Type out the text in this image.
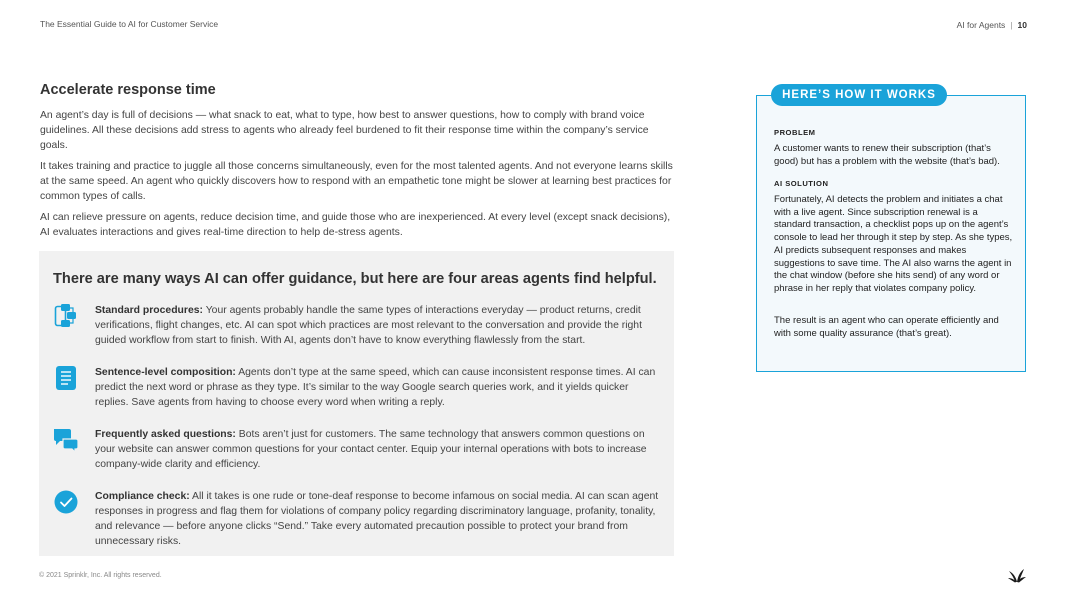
The Essential Guide to AI for Customer Service	AI for Agents | 10
Accelerate response time

An agent’s day is full of decisions — what snack to eat, what to type, how best to answer questions, how to comply with brand voice guidelines. All these decisions add stress to agents who already feel burdened to fit their response time within the company’s service goals.

It takes training and practice to juggle all those concerns simultaneously, even for the most talented agents. And not everyone learns skills at the same speed. An agent who quickly discovers how to respond with an empathetic tone might be slower at learning best practices for common types of calls.

AI can relieve pressure on agents, reduce decision time, and guide those who are inexperienced. At every level (except snack decisions), AI evaluates interactions and gives real-time direction to help de-stress agents.

There are many ways AI can offer guidance, but here are four areas agents find helpful.
Standard procedures: Your agents probably handle the same types of interactions everyday — product returns, credit verifications, flight changes, etc. AI can spot which practices are most relevant to the conversation and provide the right guided workflow from start to finish. With AI, agents don’t have to know everything flawlessly from the start.
Sentence-level composition: Agents don’t type at the same speed, which can cause inconsistent response times. AI can predict the next word or phrase as they type. It’s similar to the way Google search queries work, and it yields quicker replies. Save agents from having to choose every word when writing a reply.
Frequently asked questions: Bots aren’t just for customers. The same technology that answers common questions on your website can answer common questions for your contact center. Equip your internal operations with bots to increase company-wide clarity and efficiency.
Compliance check: All it takes is one rude or tone-deaf response to become infamous on social media. AI can scan agent responses in progress and flag them for violations of company policy regarding discriminatory language, profanity, tonality, and relevance — before anyone clicks “Send.” Take every automated precaution possible to protect your brand from unnecessary risks.
PROBLEM
A customer wants to renew their subscription (that’s good) but has a problem with the website (that’s bad).
AI SOLUTION
Fortunately, AI detects the problem and initiates a chat with a live agent. Since subscription renewal is a standard transaction, a checklist pops up on the agent’s console to lead her through it step by step. As she types, AI predicts subsequent responses and makes suggestions to save time. The AI also warns the agent in the chat window (before she hits send) of any word or phrase in her reply that violates company policy.
The result is an agent who can operate efficiently and with some quality assurance (that’s great).
HERE’S HOW IT WORKS
© 2021 Sprinklr, Inc. All rights reserved.
